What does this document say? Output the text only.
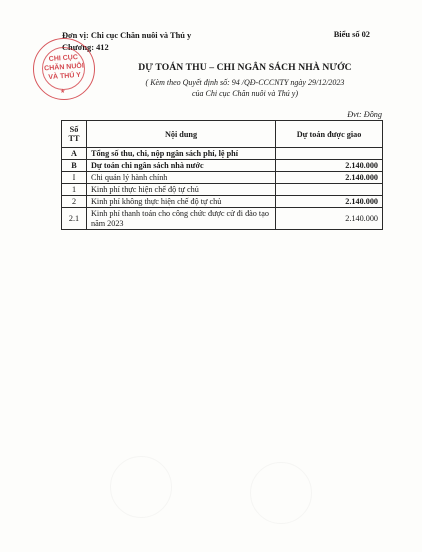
Đơn vị: Chi cục Chăn nuôi và Thú y
Chương: 412
Biểu số 02
CHI CỤC
CHĂN NUÔI
VÀ THÚ Y
★
DỰ TOÁN THU – CHI NGÂN SÁCH NHÀ NƯỚC
( Kèm theo Quyết định số: 94 /QĐ-CCCNTY ngày 29/12/2023
của Chi cục Chăn nuôi và Thú y)
Đvt: Đồng
Số
TT	Nội dung	Dự toán được giao
A	Tổng số thu, chi, nộp ngân sách phí, lệ phí	
B	Dự toán chi ngân sách nhà nước	2.140.000
I	Chi quản lý hành chính	2.140.000
1	Kinh phí thực hiện chế độ tự chủ	
2	Kinh phí không thực hiện chế độ tự chủ	2.140.000
2.1	Kinh phí thanh toán cho công chức được cử đi đào tạo năm 2023	2.140.000
